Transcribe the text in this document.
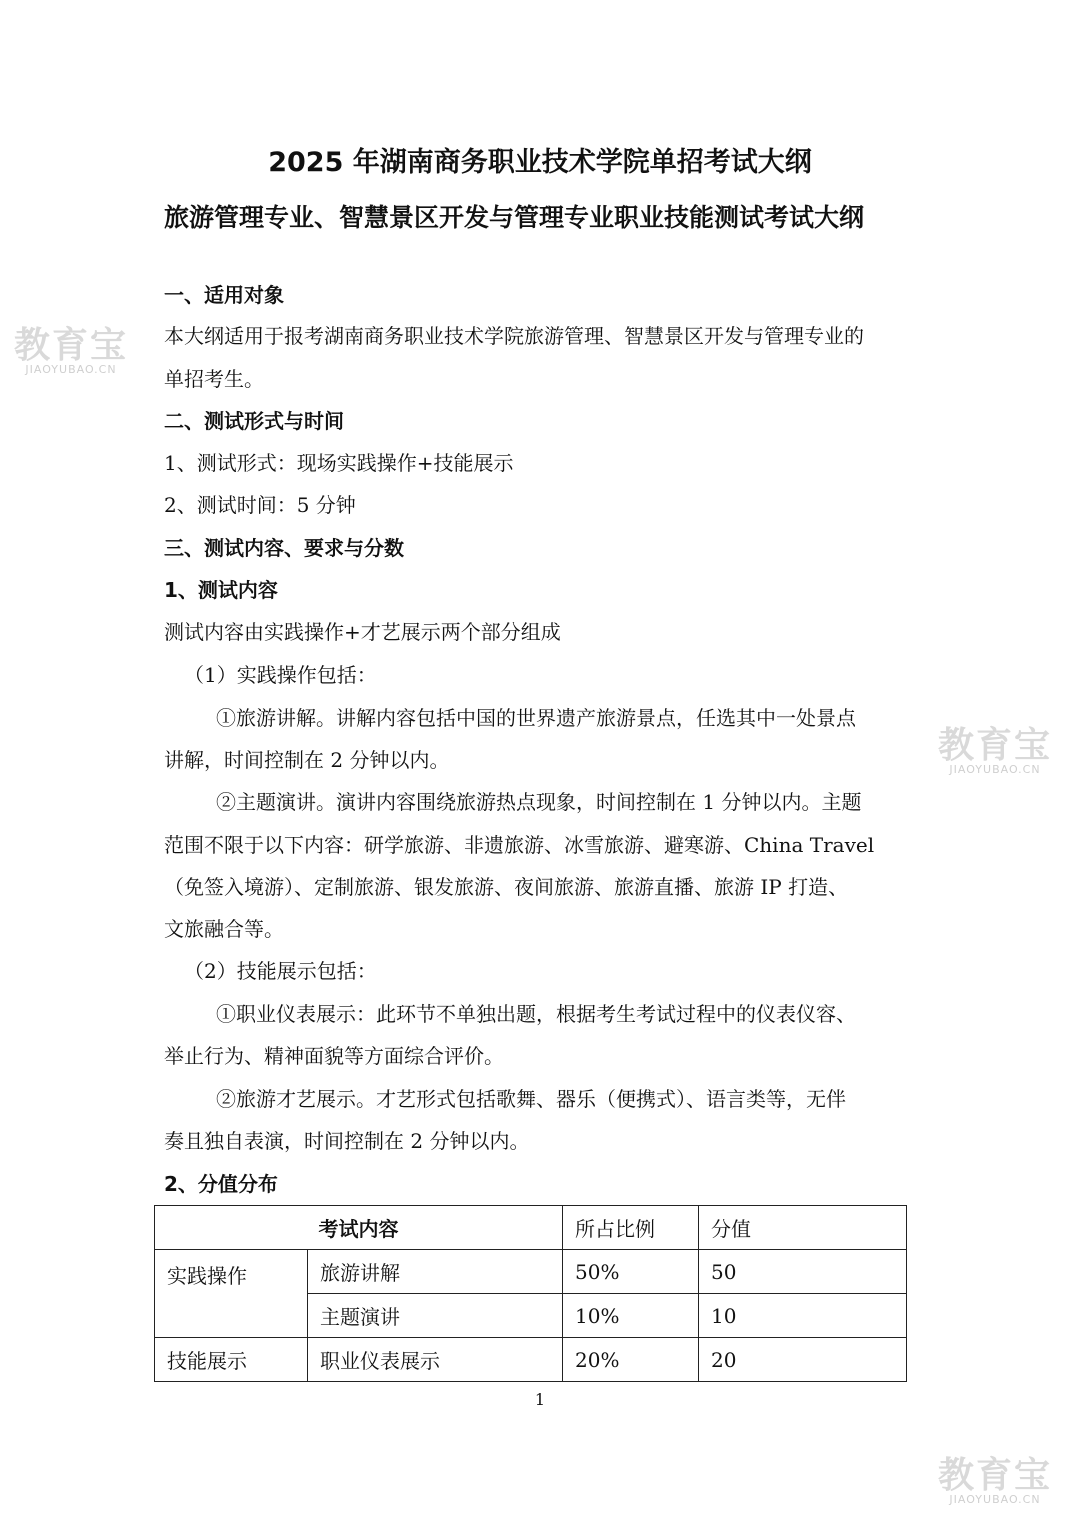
教育宝
JIAOYUBAO.CN
教育宝
JIAOYUBAO.CN
教育宝
JIAOYUBAO.CN
2025 年湖南商务职业技术学院单招考试大纲
旅游管理专业、智慧景区开发与管理专业职业技能测试考试大纲
一、适用对象
本大纲适用于报考湖南商务职业技术学院旅游管理、智慧景区开发与管理专业的
单招考生。
二、测试形式与时间
1、测试形式：现场实践操作+技能展示
2、测试时间：5 分钟
三、测试内容、要求与分数
1、测试内容
测试内容由实践操作+才艺展示两个部分组成
（1）实践操作包括：
①旅游讲解。讲解内容包括中国的世界遗产旅游景点，任选其中一处景点
讲解，时间控制在 2 分钟以内。
②主题演讲。演讲内容围绕旅游热点现象，时间控制在 1 分钟以内。主题
范围不限于以下内容：研学旅游、非遗旅游、冰雪旅游、避寒游、China Travel
（免签入境游）、定制旅游、银发旅游、夜间旅游、旅游直播、旅游 IP 打造、
文旅融合等。
（2）技能展示包括：
①职业仪表展示：此环节不单独出题，根据考生考试过程中的仪表仪容、
举止行为、精神面貌等方面综合评价。
②旅游才艺展示。才艺形式包括歌舞、器乐（便携式）、语言类等，无伴
奏且独自表演，时间控制在 2 分钟以内。
2、分值分布
考试内容		所占比例	分值
实践操作	旅游讲解	50%	50
	主题演讲	10%	10
技能展示	职业仪表展示	20%	20
1
